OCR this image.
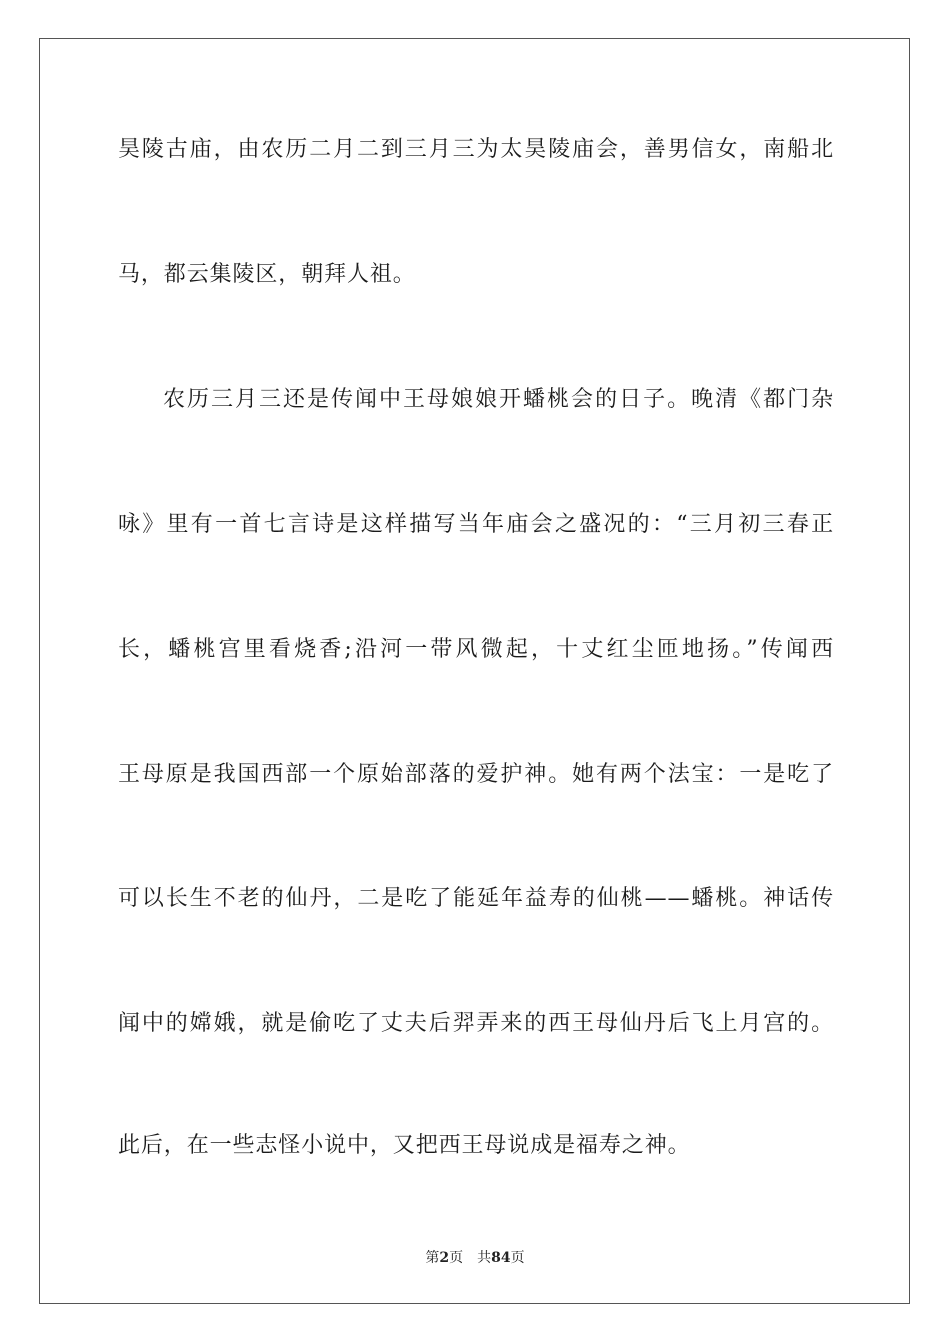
昊陵古庙，由农历二月二到三月三为太昊陵庙会，善男信女，南船北
马，都云集陵区，朝拜人祖。
农历三月三还是传闻中王母娘娘开蟠桃会的日子。晚清《都门杂
咏》里有一首七言诗是这样描写当年庙会之盛况的：“三月初三春正
长，蟠桃宫里看烧香;沿河一带风微起，十丈红尘匝地扬。”传闻西
王母原是我国西部一个原始部落的爱护神。她有两个法宝：一是吃了
可以长生不老的仙丹，二是吃了能延年益寿的仙桃——蟠桃。神话传
闻中的嫦娥，就是偷吃了丈夫后羿弄来的西王母仙丹后飞上月宫的。
此后，在一些志怪小说中，又把西王母说成是福寿之神。
第2页 共84页
